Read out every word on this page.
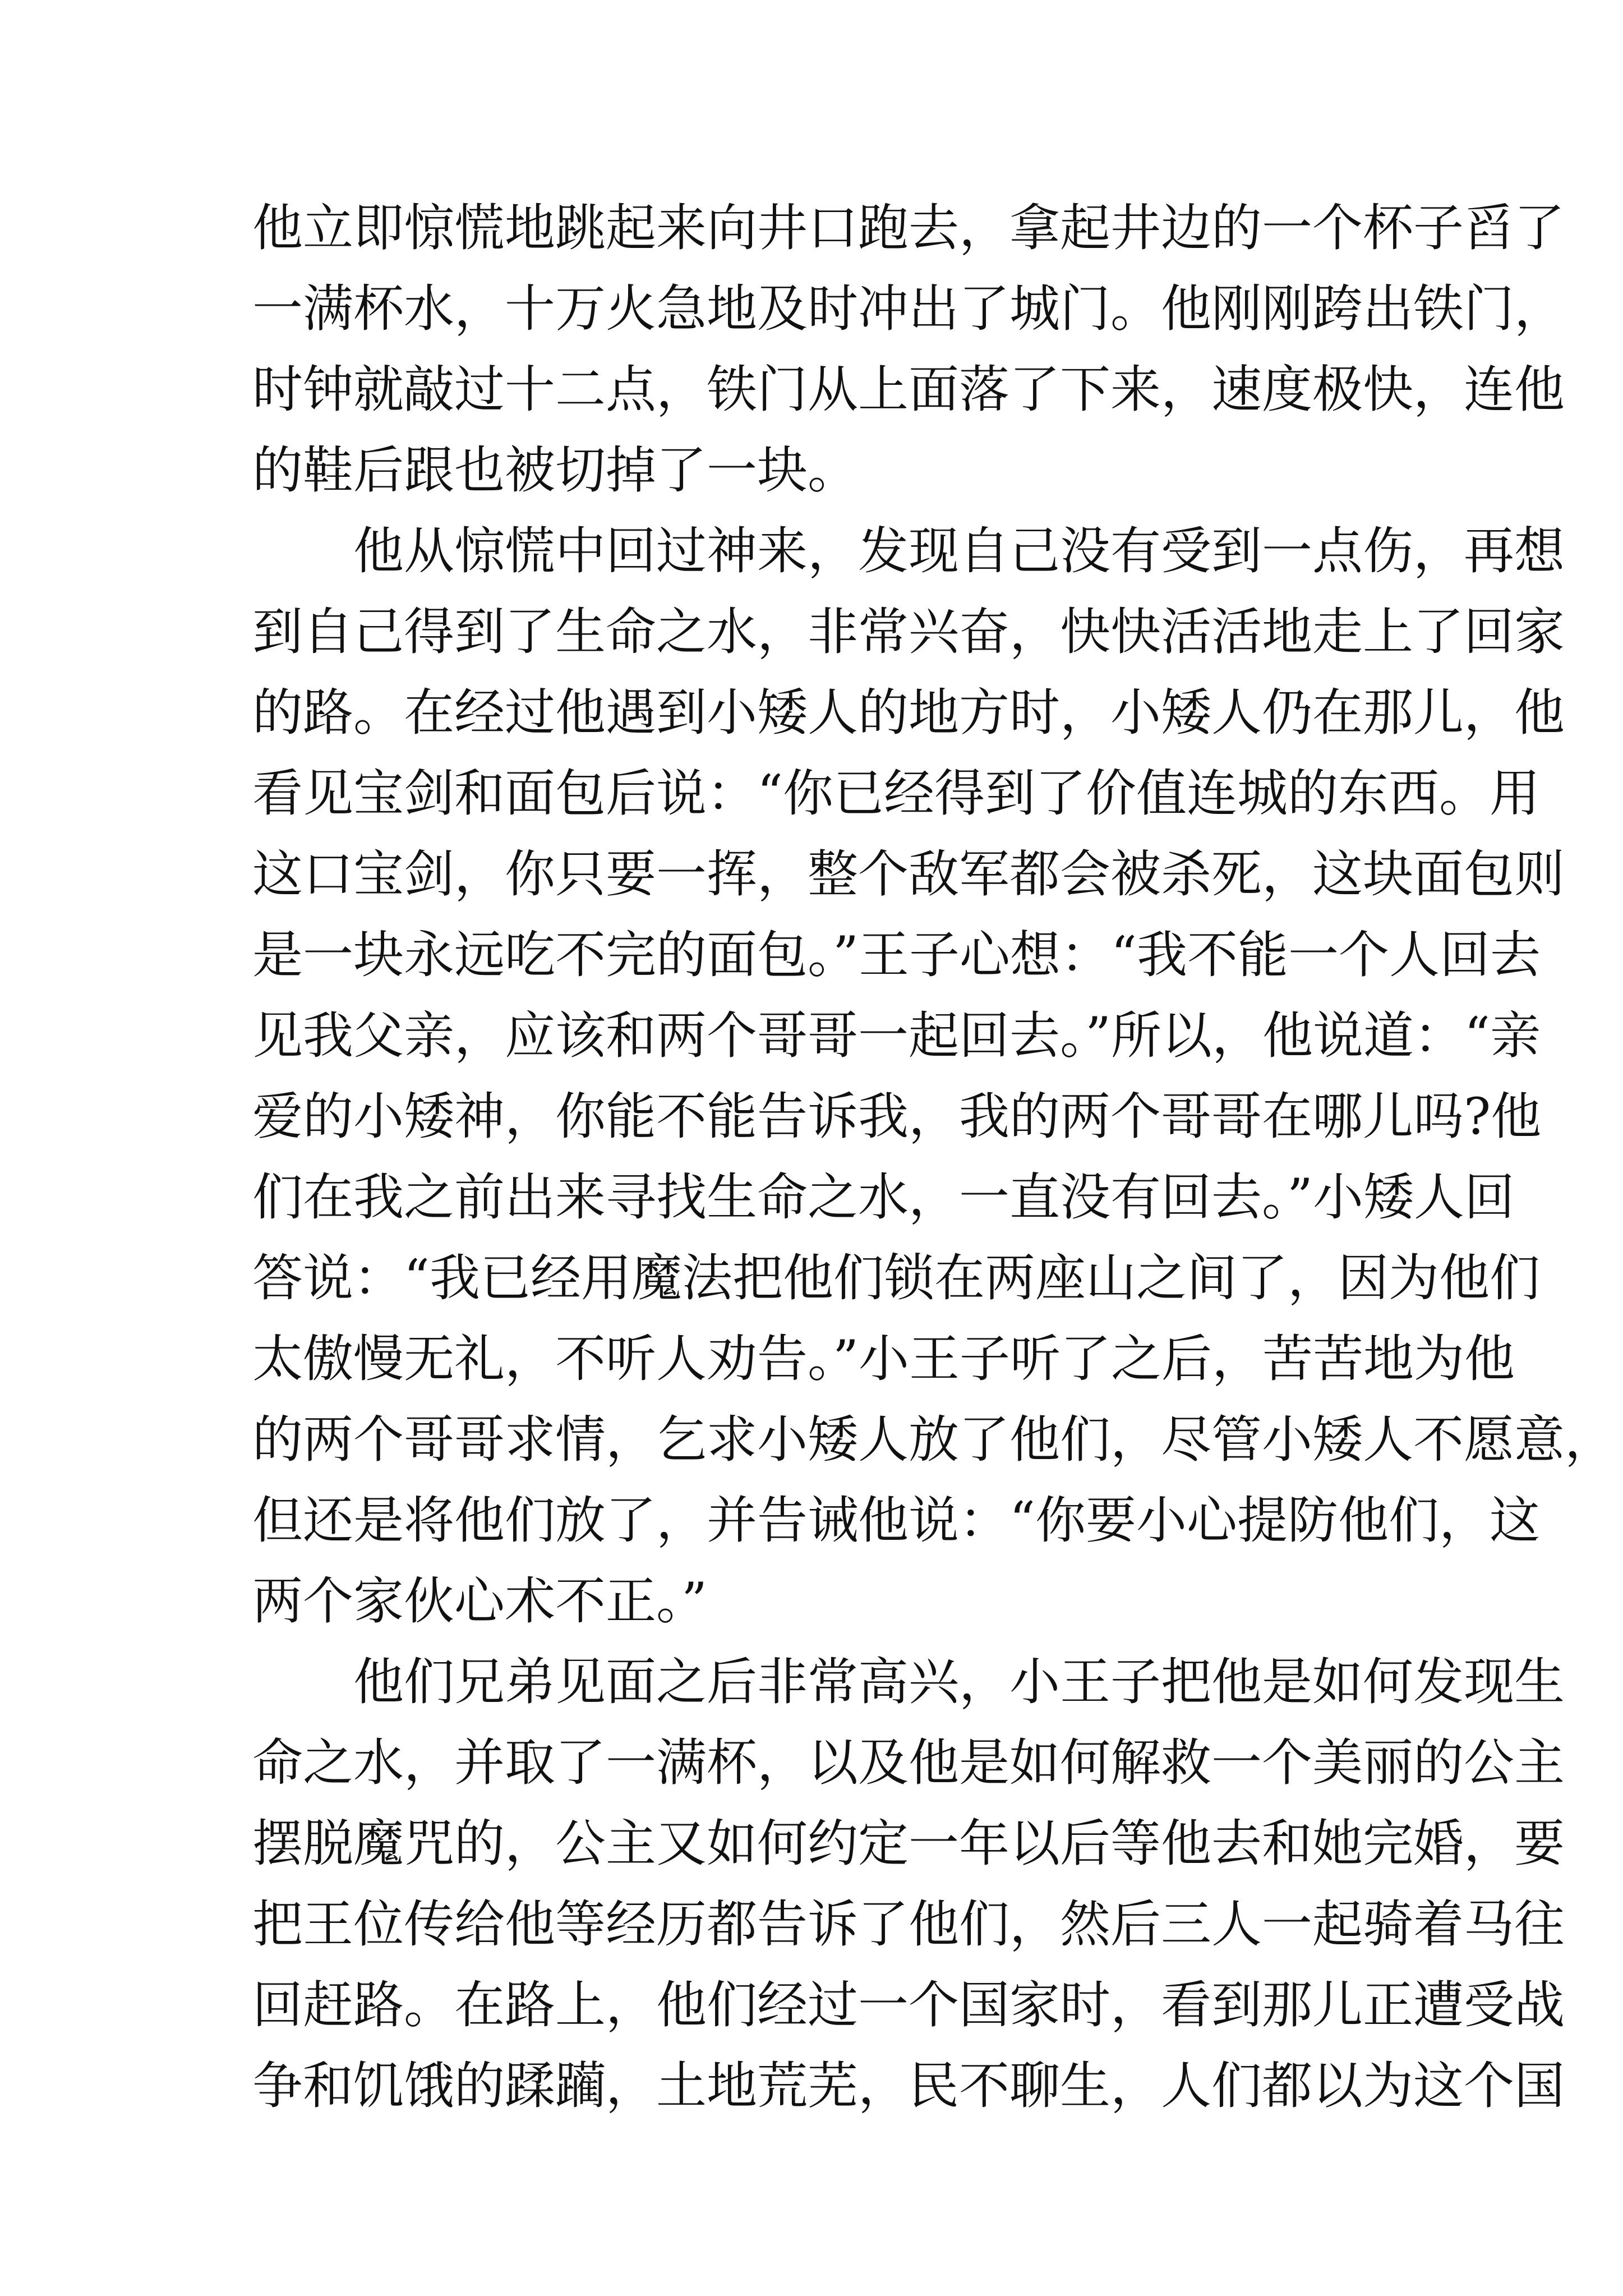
他立即惊慌地跳起来向井口跑去，拿起井边的一个杯子舀了
一满杯水，十万火急地及时冲出了城门。他刚刚跨出铁门，
时钟就敲过十二点，铁门从上面落了下来，速度极快，连他
的鞋后跟也被切掉了一块。
他从惊慌中回过神来，发现自己没有受到一点伤，再想
到自己得到了生命之水，非常兴奋，快快活活地走上了回家
的路。在经过他遇到小矮人的地方时，小矮人仍在那儿，他
看见宝剑和面包后说：“你已经得到了价值连城的东西。用
这口宝剑，你只要一挥，整个敌军都会被杀死，这块面包则
是一块永远吃不完的面包。”王子心想：“我不能一个人回去
见我父亲，应该和两个哥哥一起回去。”所以，他说道：“亲
爱的小矮神，你能不能告诉我，我的两个哥哥在哪儿吗?他
们在我之前出来寻找生命之水，一直没有回去。”小矮人回
答说：“我已经用魔法把他们锁在两座山之间了，因为他们
太傲慢无礼，不听人劝告。”小王子听了之后，苦苦地为他
的两个哥哥求情，乞求小矮人放了他们，尽管小矮人不愿意，
但还是将他们放了，并告诫他说：“你要小心提防他们，这
两个家伙心术不正。”
他们兄弟见面之后非常高兴，小王子把他是如何发现生
命之水，并取了一满杯，以及他是如何解救一个美丽的公主
摆脱魔咒的，公主又如何约定一年以后等他去和她完婚，要
把王位传给他等经历都告诉了他们，然后三人一起骑着马往
回赶路。在路上，他们经过一个国家时，看到那儿正遭受战
争和饥饿的蹂躏，土地荒芜，民不聊生，人们都以为这个国
